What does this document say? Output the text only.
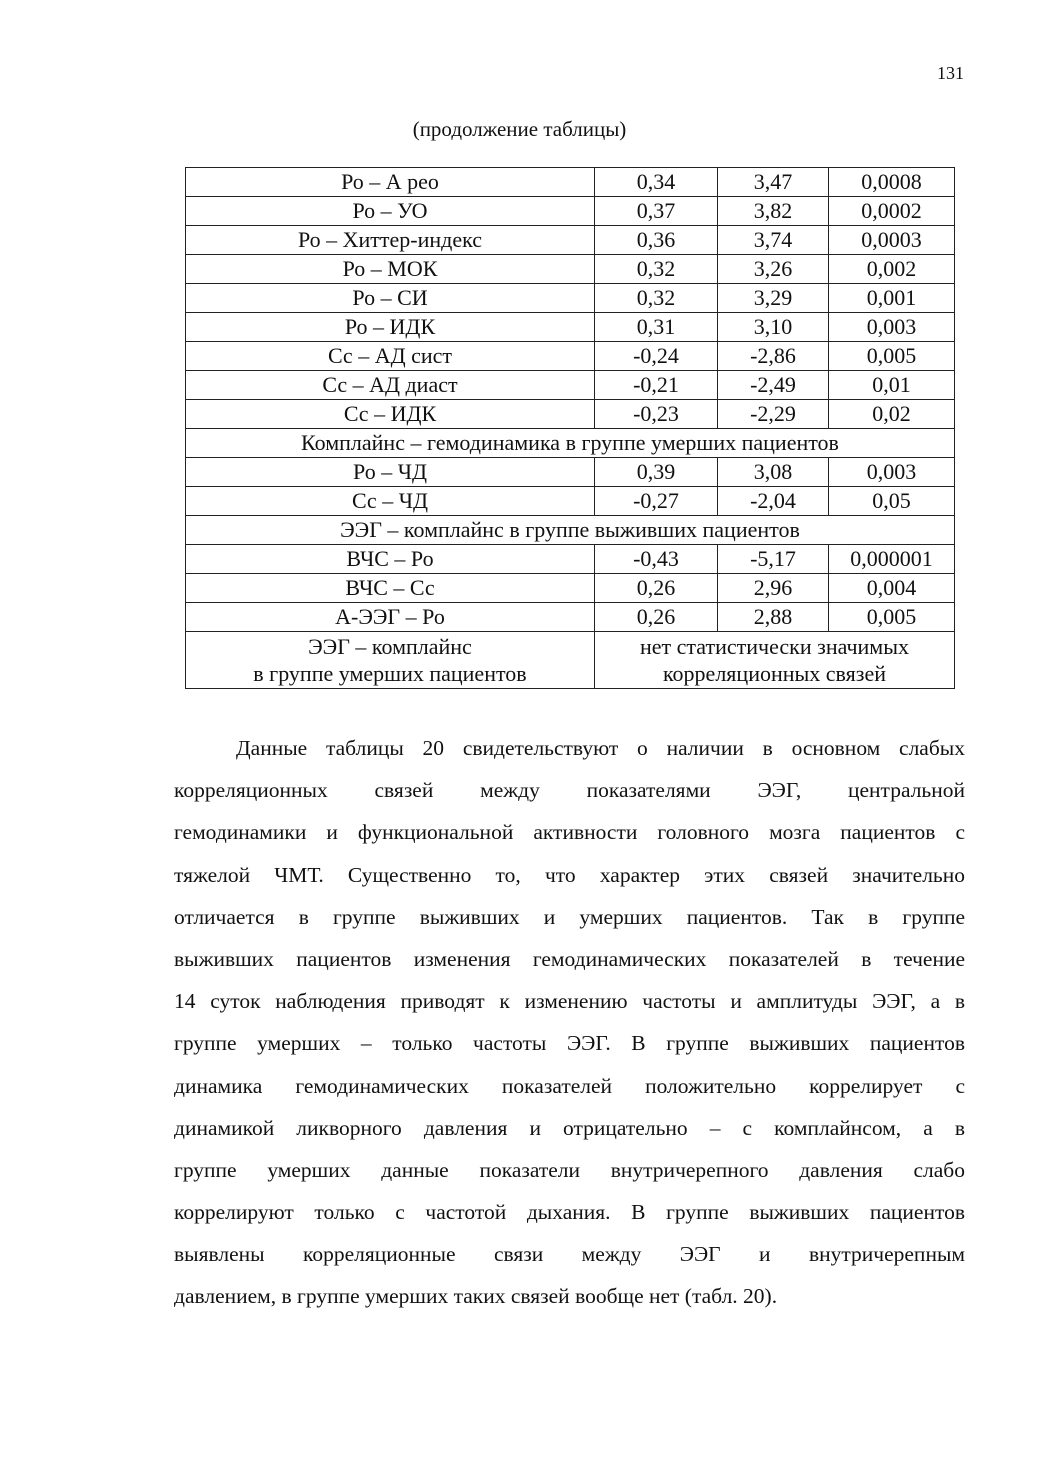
131
(продолжение таблицы)
Ро – А рео	0,34	3,47	0,0008
Ро – УО	0,37	3,82	0,0002
Ро – Хиттер-индекс	0,36	3,74	0,0003
Ро – МОК	0,32	3,26	0,002
Ро – СИ	0,32	3,29	0,001
Ро – ИДК	0,31	3,10	0,003
Сс – АД сист	-0,24	-2,86	0,005
Сс – АД диаст	-0,21	-2,49	0,01
Сс – ИДК	-0,23	-2,29	0,02
Комплайнс – гемодинамика в группе умерших пациентов			
Ро – ЧД	0,39	3,08	0,003
Сс – ЧД	-0,27	-2,04	0,05
ЭЭГ – комплайнс в группе выживших пациентов			
ВЧС – Ро	-0,43	-5,17	0,000001
ВЧС – Сс	0,26	2,96	0,004
А-ЭЭГ – Ро	0,26	2,88	0,005

ЭЭГ – комплайнс
в группе умерших пациентов	нет статистически значимых
корреляционных связей		
Данные таблицы 20 свидетельствуют о наличии в основном слабых
корреляционных связей между показателями ЭЭГ, центральной
гемодинамики и функциональной активности головного мозга пациентов с
тяжелой ЧМТ. Существенно то, что характер этих связей значительно
отличается в группе выживших и умерших пациентов. Так в группе
выживших пациентов изменения гемодинамических показателей в течение
14 суток наблюдения приводят к изменению частоты и амплитуды ЭЭГ, а в
группе умерших – только частоты ЭЭГ. В группе выживших пациентов
динамика гемодинамических показателей положительно коррелирует с
динамикой ликворного давления и отрицательно – с комплайнсом, а в
группе умерших данные показатели внутричерепного давления слабо
коррелируют только с частотой дыхания. В группе выживших пациентов
выявлены корреляционные связи между ЭЭГ и внутричерепным
давлением, в группе умерших таких связей вообще нет (табл. 20).
